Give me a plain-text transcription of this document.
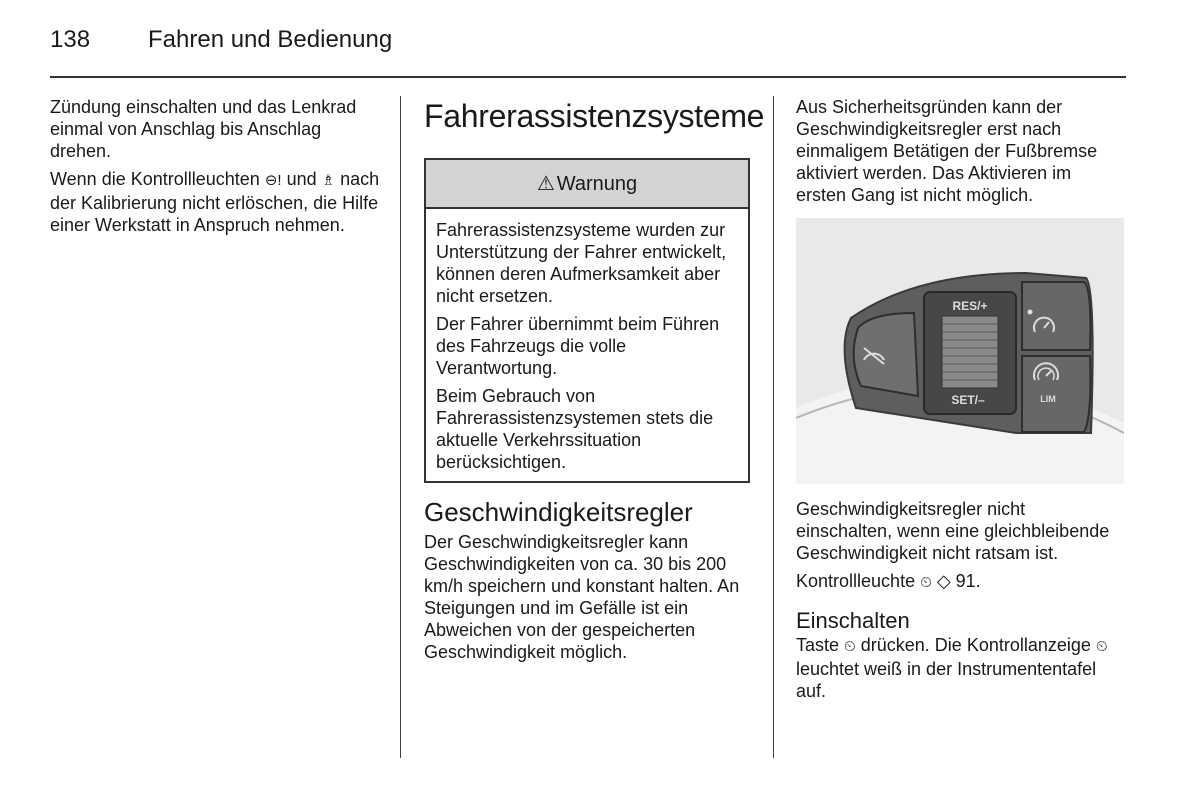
138 Fahren und Bedienung

Zündung einschalten und das Lenkrad einmal von Anschlag bis Anschlag drehen.

Wenn die Kontrollleuchten ⊖! und ♗ nach der Kalibrierung nicht erlöschen, die Hilfe einer Werkstatt in Anspruch nehmen.

Fahrerassistenzsysteme
⚠ Warnung

Fahrerassistenzsysteme wurden zur Unterstützung der Fahrer entwickelt, können deren Aufmerksamkeit aber nicht ersetzen.

Der Fahrer übernimmt beim Führen des Fahrzeugs die volle Verantwortung.

Beim Gebrauch von Fahrerassistenzsystemen stets die aktuelle Verkehrssituation berücksichtigen.

Geschwindigkeitsregler

Der Geschwindigkeitsregler kann Geschwindigkeiten von ca. 30 bis 200 km/h speichern und konstant halten. An Steigungen und im Gefälle ist ein Abweichen von der gespeicherten Geschwindigkeit möglich.

Aus Sicherheitsgründen kann der Geschwindigkeitsregler erst nach einmaligem Betätigen der Fußbremse aktiviert werden. Das Aktivieren im ersten Gang ist nicht möglich.

RES/+
SET/–	LIM

Geschwindigkeitsregler nicht einschalten, wenn eine gleichbleibende Geschwindigkeit nicht ratsam ist.

Kontrollleuchte ⏲ ◇ 91.

Einschalten

Taste ⏲ drücken. Die Kontrollanzeige ⏲ leuchtet weiß in der Instrumententafel auf.
